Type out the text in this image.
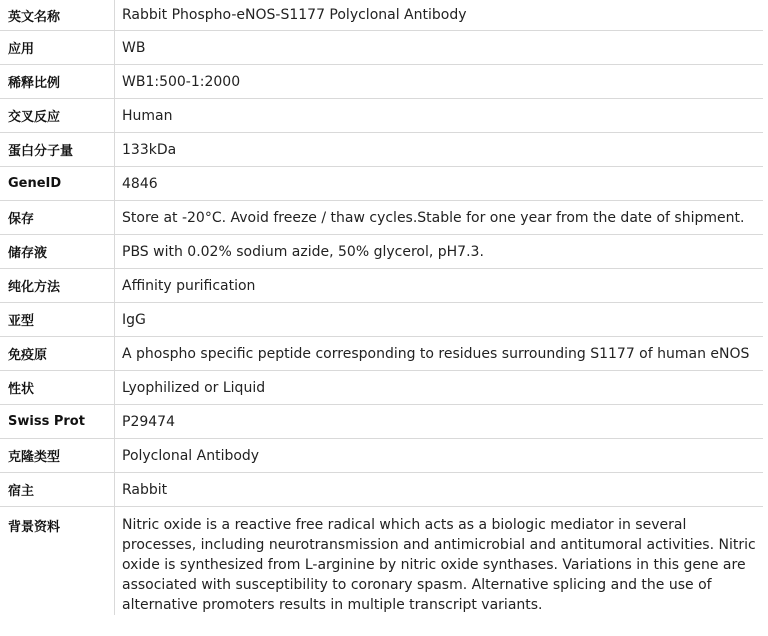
英文名称	Rabbit Phospho-eNOS-S1177 Polyclonal Antibody
应用	WB
稀释比例	WB1:500-1:2000
交叉反应	Human
蛋白分子量	133kDa
GeneID	4846
保存	Store at -20°C. Avoid freeze / thaw cycles.Stable for one year from the date of shipment.
储存液	PBS with 0.02% sodium azide, 50% glycerol, pH7.3.
纯化方法	Affinity purification
亚型	IgG
免疫原	A phospho specific peptide corresponding to residues surrounding S1177 of human eNOS
性状	Lyophilized or Liquid
Swiss Prot	P29474
克隆类型	Polyclonal Antibody
宿主	Rabbit
背景资料	Nitric oxide is a reactive free radical which acts as a biologic mediator in several processes, including neurotransmission and antimicrobial and antitumoral activities. Nitric oxide is synthesized from L-arginine by nitric oxide synthases. Variations in this gene are associated with susceptibility to coronary spasm. Alternative splicing and the use of alternative promoters results in multiple transcript variants.
